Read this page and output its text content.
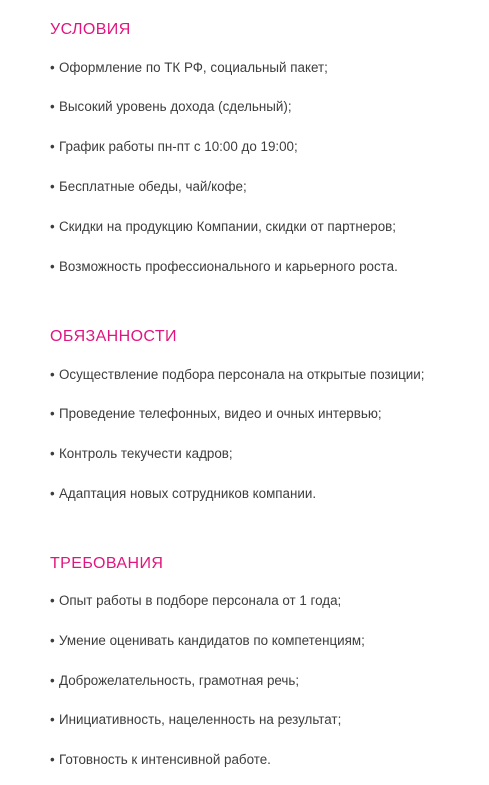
УСЛОВИЯ
• Оформление по ТК РФ, социальный пакет;
• Высокий уровень дохода (сдельный);
• График работы пн-пт с 10:00 до 19:00;
• Бесплатные обеды, чай/кофе;
• Скидки на продукцию Компании, скидки от партнеров;
• Возможность профессионального и карьерного роста.
ОБЯЗАННОСТИ
• Осуществление подбора персонала на открытые позиции;
• Проведение телефонных, видео и очных интервью;
• Контроль текучести кадров;
• Адаптация новых сотрудников компании.
ТРЕБОВАНИЯ
• Опыт работы в подборе персонала от 1 года;
• Умение оценивать кандидатов по компетенциям;
• Доброжелательность, грамотная речь;
• Инициативность, нацеленность на результат;
• Готовность к интенсивной работе.
